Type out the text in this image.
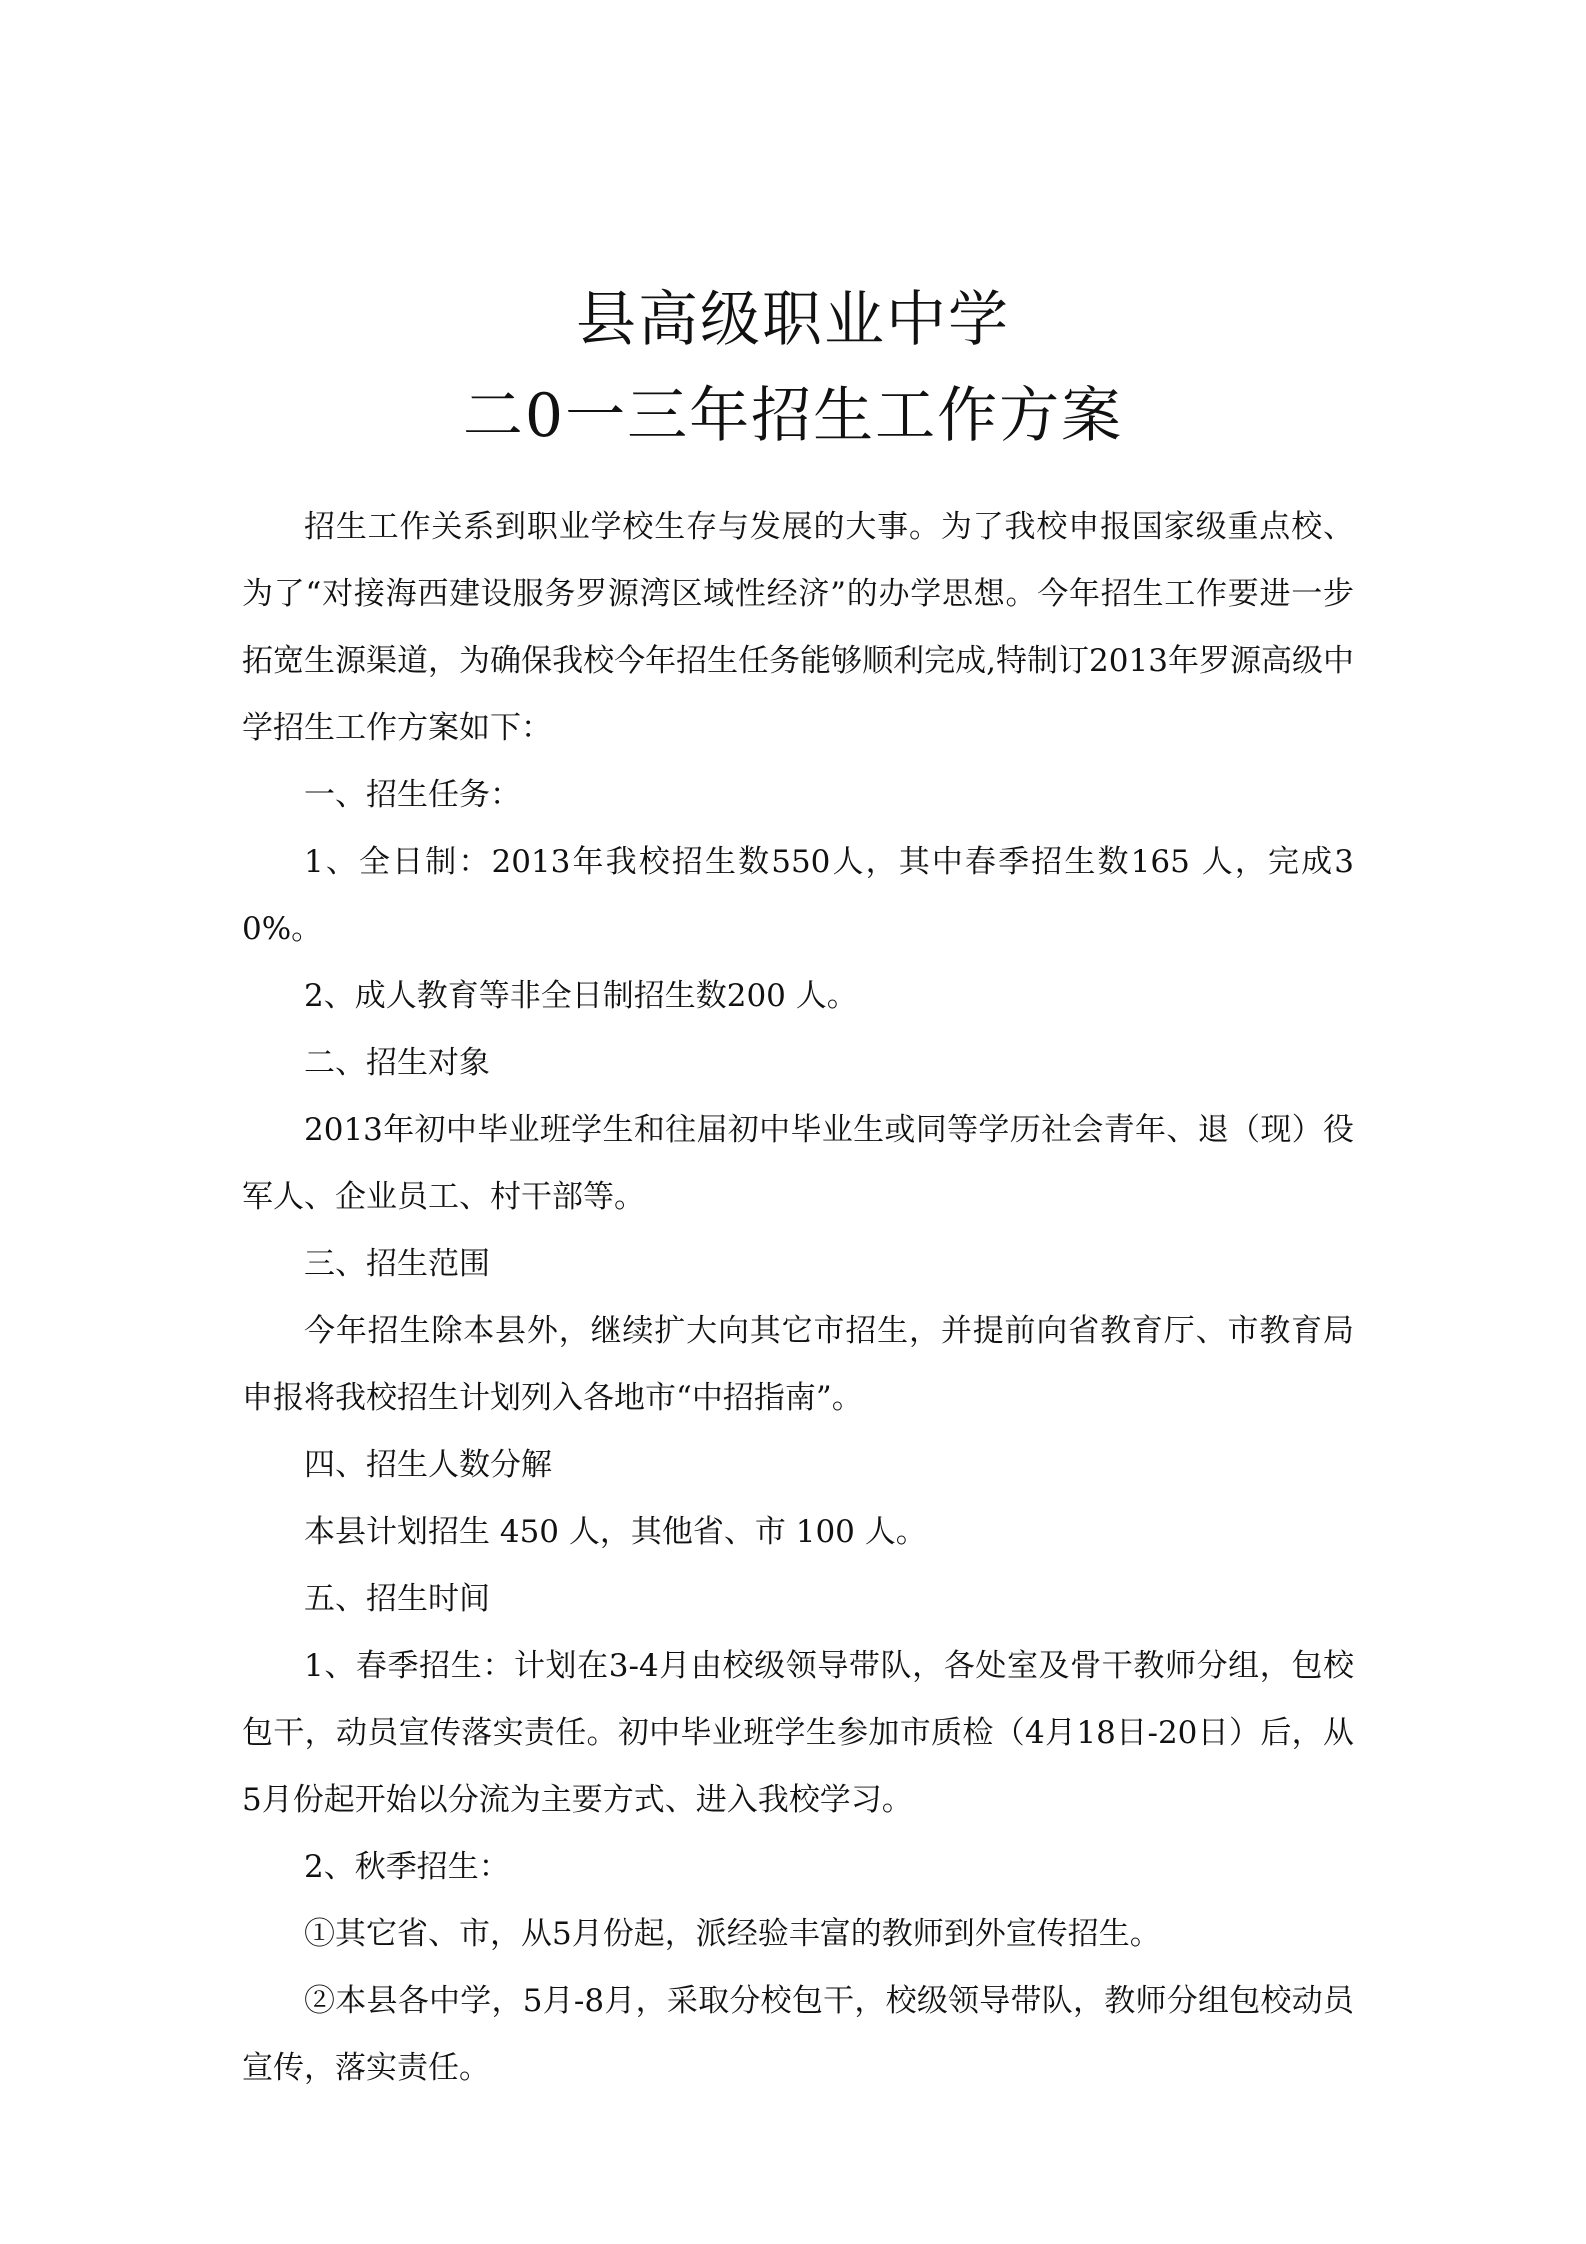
县高级职业中学
二0一三年招生工作方案

招生工作关系到职业学校生存与发展的大事。为了我校申报国家级重点校、为了“对接海西建设服务罗源湾区域性经济”的办学思想。今年招生工作要进一步拓宽生源渠道，为确保我校今年招生任务能够顺利完成,特制订2013年罗源高级中学招生工作方案如下：

一、招生任务：

1、全日制：2013年我校招生数550人，其中春季招生数165 人，完成30%。

2、成人教育等非全日制招生数200 人。

二、招生对象

2013年初中毕业班学生和往届初中毕业生或同等学历社会青年、退（现）役军人、企业员工、村干部等。

三、招生范围

今年招生除本县外，继续扩大向其它市招生，并提前向省教育厅、市教育局申报将我校招生计划列入各地市“中招指南”。

四、招生人数分解

本县计划招生 450 人，其他省、市 100 人。

五、招生时间

1、春季招生：计划在3-4月由校级领导带队，各处室及骨干教师分组，包校包干，动员宣传落实责任。初中毕业班学生参加市质检（4月18日-20日）后，从5月份起开始以分流为主要方式、进入我校学习。

2、秋季招生：

①其它省、市，从5月份起，派经验丰富的教师到外宣传招生。

②本县各中学，5月-8月，采取分校包干，校级领导带队，教师分组包校动员宣传，落实责任。
